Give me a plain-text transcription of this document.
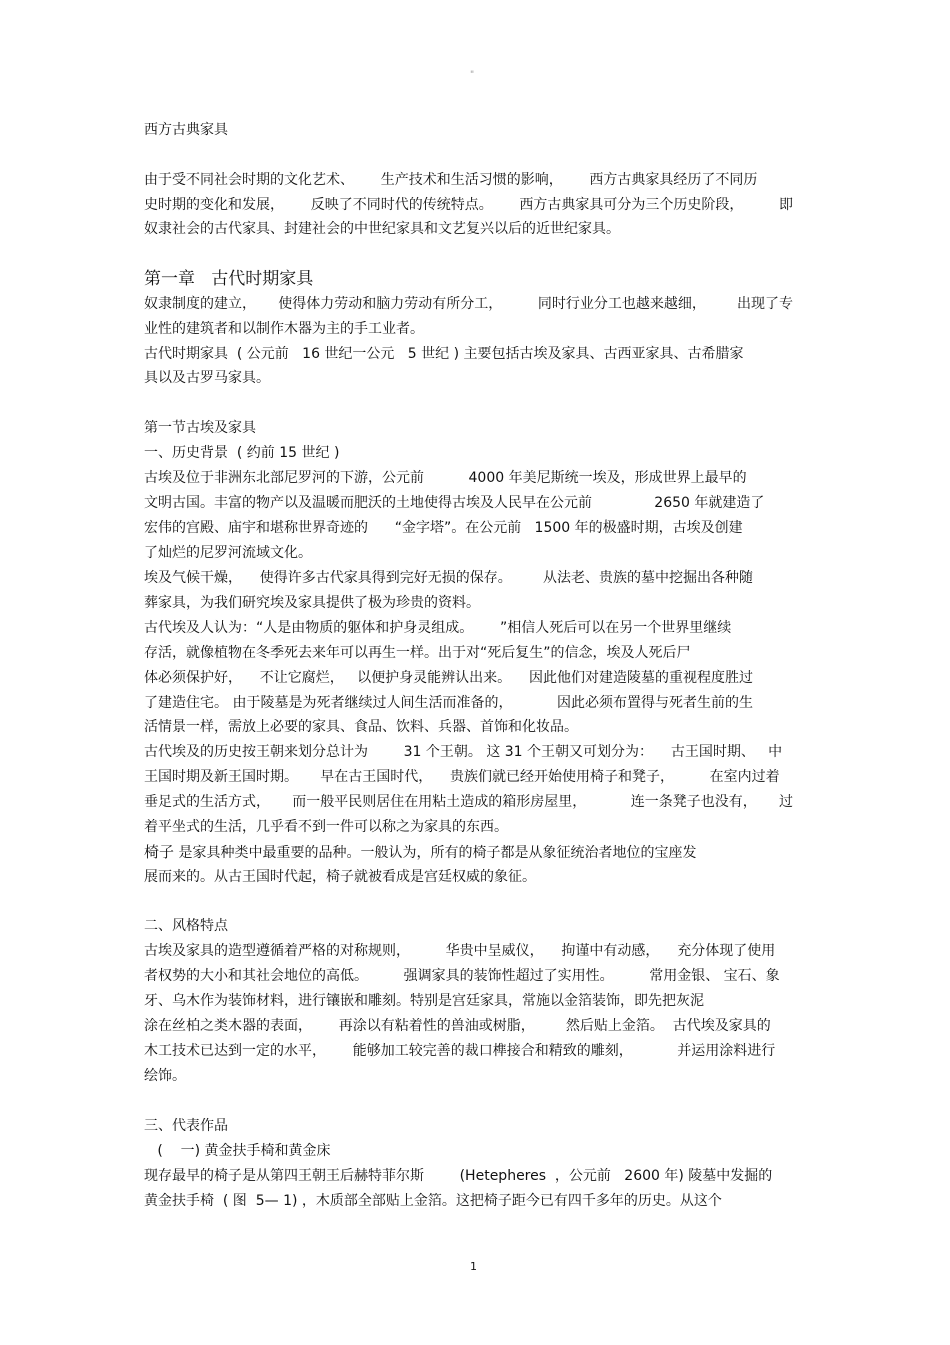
"
西方古典家具
由于受不同社会时期的文化艺术、      生产技术和生活习惯的影响，      西方古典家具经历了不同历
史时期的变化和发展，      反映了不同时代的传统特点。      西方古典家具可分为三个历史阶段，        即
奴隶社会的古代家具、封建社会的中世纪家具和文艺复兴以后的近世纪家具。
第一章   古代时期家具
奴隶制度的建立，     使得体力劳动和脑力劳动有所分工，        同时行业分工也越来越细，       出现了专
业性的建筑者和以制作木器为主的手工业者。
古代时期家具  ( 公元前   16 世纪一公元   5 世纪 ) 主要包括古埃及家具、古西亚家具、古希腊家
具以及古罗马家具。
第一节古埃及家具
一、历史背景  ( 约前 15 世纪 )
古埃及位于非洲东北部尼罗河的下游，公元前          4000 年美尼斯统一埃及，形成世界上最早的
文明古国。丰富的物产以及温暖而肥沃的土地使得古埃及人民早在公元前              2650 年就建造了
宏伟的宫殿、庙宇和堪称世界奇迹的      “金字塔”。在公元前   1500 年的极盛时期，古埃及创建
了灿烂的尼罗河流域文化。
埃及气候干燥，    使得许多古代家具得到完好无损的保存。       从法老、贵族的墓中挖掘出各种随
葬家具，为我们研究埃及家具提供了极为珍贵的资料。
古代埃及人认为：“人是由物质的躯体和护身灵组成。      ”相信人死后可以在另一个世界里继续
存活，就像植物在冬季死去来年可以再生一样。出于对“死后复生”的信念，埃及人死后尸
体必须保护好，    不让它腐烂，   以便护身灵能辨认出来。    因此他们对建造陵墓的重视程度胜过
了建造住宅。 由于陵墓是为死者继续过人间生活而准备的，          因此必须布置得与死者生前的生
活情景一样，需放上必要的家具、食品、饮料、兵器、首饰和化妆品。
古代埃及的历史按王朝来划分总计为        31 个王朝。 这 31 个王朝又可划分为：    古王国时期、   中
王国时期及新王国时期。     早在古王国时代，    贵族们就已经开始使用椅子和凳子，        在室内过着
垂足式的生活方式，     而一般平民则居住在用粘土造成的箱形房屋里，          连一条凳子也没有，     过
着平坐式的生活，几乎看不到一件可以称之为家具的东西。
椅子 是家具种类中最重要的品种。一般认为，所有的椅子都是从象征统治者地位的宝座发
展而来的。从古王国时代起，椅子就被看成是宫廷权威的象征。
二、风格特点
古埃及家具的造型遵循着严格的对称规则，        华贵中呈威仪，    拘谨中有动感，    充分体现了使用
者权势的大小和其社会地位的高低。        强调家具的装饰性超过了实用性。        常用金银、 宝石、象
牙、乌木作为装饰材料，进行镶嵌和雕刻。特别是宫廷家具，常施以金箔装饰，即先把灰泥
涂在丝柏之类木器的表面，      再涂以有粘着性的兽油或树脂，       然后贴上金箔。  古代埃及家具的
木工技术已达到一定的水平，      能够加工较完善的裁口榫接合和精致的雕刻，          并运用涂料进行
绘饰。
三、代表作品
(    一) 黄金扶手椅和黄金床
现存最早的椅子是从第四王朝王后赫特菲尔斯        (Hetepheres  ，公元前   2600 年) 陵墓中发掘的
黄金扶手椅  ( 图  5— 1) ，木质部全部贴上金箔。这把椅子距今已有四千多年的历史。从这个
1
